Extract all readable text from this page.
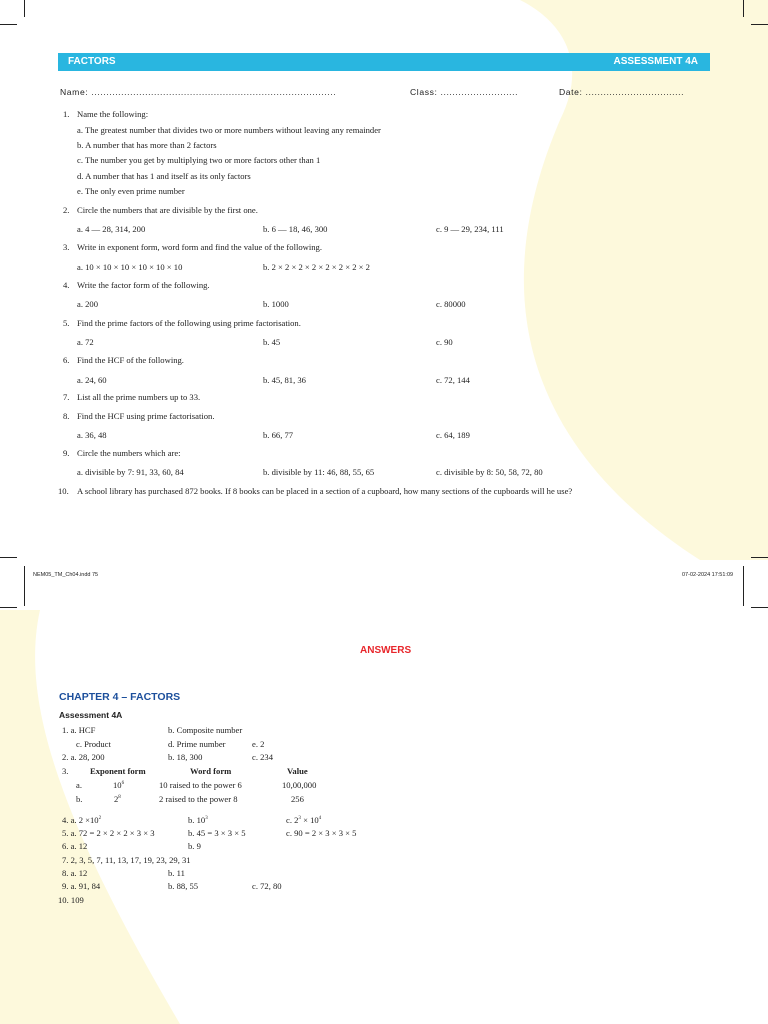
FACTORS	ASSESSMENT 4A
Name: ..................................................................................	Class: ..........................	Date: .................................
1. Name the following:
a. The greatest number that divides two or more numbers without leaving any remainder
b. A number that has more than 2 factors
c. The number you get by multiplying two or more factors other than 1
d. A number that has 1 and itself as its only factors
e. The only even prime number
2. Circle the numbers that are divisible by the first one.
a. 4 — 28, 314, 200	b. 6 — 18, 46, 300	c. 9 — 29, 234, 111
3. Write in exponent form, word form and find the value of the following.
a. 10 × 10 × 10 × 10 × 10 × 10	b. 2 × 2 × 2 × 2 × 2 × 2 × 2 × 2
4. Write the factor form of the following.
a. 200	b. 1000	c. 80000
5. Find the prime factors of the following using prime factorisation.
a. 72	b. 45	c. 90
6. Find the HCF of the following.
a. 24, 60	b. 45, 81, 36	c. 72, 144
7. List all the prime numbers up to 33.
8. Find the HCF using prime factorisation.
a. 36, 48	b. 66, 77	c. 64, 189
9. Circle the numbers which are:
a. divisible by 7: 91, 33, 60, 84	b. divisible by 11: 46, 88, 55, 65	c. divisible by 8: 50, 58, 72, 80
10. A school library has purchased 872 books. If 8 books can be placed in a section of a cupboard, how many sections of the cupboards will he use?
NEM05_TM_Ch04.indd 75	07-02-2024 17:51:09
ANSWERS
CHAPTER 4 – FACTORS
Assessment 4A
1. a. HCF	b. Composite number
c. Product	d. Prime number	e. 2
2. a. 28, 200	b. 18, 300	c. 234
3.	Exponent form	Word form	Value
a.	$10^6$	10 raised to the power 6	10,00,000
b.	$2^8$	2 raised to the power 8	256
4. a. $2 \times 10^2$	b. $10^3$	c. $2^3 \times 10^4$
5. a. 72 = 2 × 2 × 2 × 3 × 3	b. 45 = 3 × 3 × 5	c. 90 = 2 × 3 × 3 × 5
6. a. 12	b. 9
7. 2, 3, 5, 7, 11, 13, 17, 19, 23, 29, 31
8. a. 12	b. 11
9. a. 91, 84	b. 88, 55	c. 72, 80
10. 109
